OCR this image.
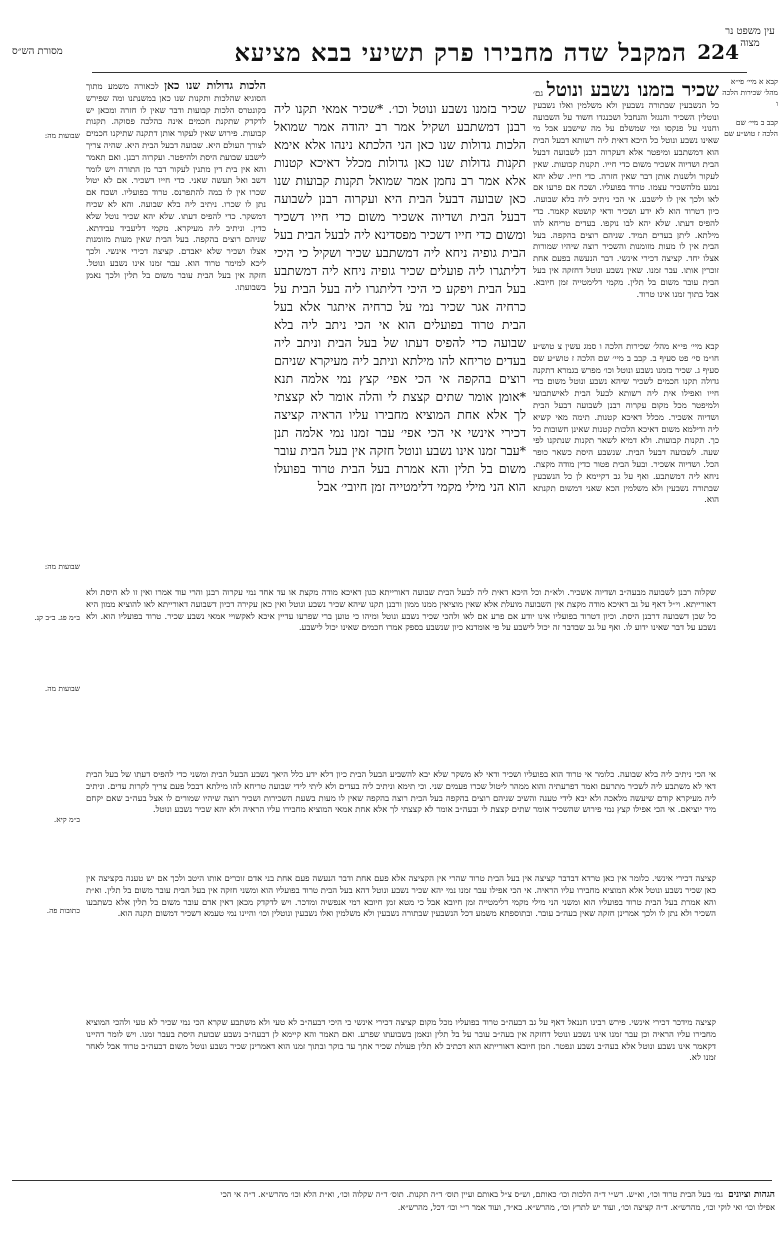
224
המקבל שדה מחבירו פרק תשיעי בבא מציעא
מסורת הש״ס
עין משפט נר מצוה
קבא א מיי׳ פי״א מהל׳ שכירות הלכה ו
קבב ב מיי׳ שם הלכה ז טוש״ע שם
שבועות מה:
שבועות מה:
ב״מ פג. ב״ב קנ.
שבועות מה.
ב״מ קיא.
כתובות פה.

שכיר בזמנו נשבע ונוטל גם׳ כל הנשבעין שבתורה נשבעין ולא משלמין ואלו נשבעין ונוטלין השכיר והנגזל והנחבל ושכנגדו חשוד על השבועה וחנוני על פנקסו ומי שמשלם על מה שישבע אבל מי שאינו נשבע ונוטל כל היכא דאית ליה רשותא דבעל הבית הוא דמשתבע ומיפטר אלא דעקרוה רבנן לשבועה דבעל הבית ושדיוה אשכיר משום כדי חייו. תקנות קבועות. שאין לעקור ולשנות אותן דבר שאין חזרה. כדי חייו. שלא יהא נמנע מלהשכיר עצמו. טרוד בפועליו. ושכח אם פרעו אם לאו ולכך אין לו לישבע. אי הכי ניתיב ליה בלא שבועה. כיון דטרוד הוא לא ידע ושכיר ודאי קושטא קאמר. כדי להפיס דעתו. שלא יהא לבו נוקפו. בעדים טריחא להו מילתא. ליתן בעדים תמיד. שניהם רוצים בהקפה. בעל הבית אין לו מעות מזומנות והשכיר רוצה שיהיו שמורות אצלו יחד. קציצה דכירי אינשי. דבר הנעשה בפעם אחת זוכרין אותו. עבר זמנו. שאין נשבע ונוטל דחזקה אין בעל הבית עובר משום בל תלין. מקמי דלימטייה זמן חיובא. אבל בתוך זמנו אינו טרוד.

הלכות גדולות שנו כאן לכאורה משמע מתוך הסוגיא שהלכות ותקנות שנו כאן במשנתנו ומה שפירש בקונטרס הלכות קבועות ודבר שאין לו חזרה ומכאן יש לדקדק שתקנת חכמים אינה כהלכה פסוקה. תקנות קבועות. פירוש שאין לעקור אותן דתקנה שתיקנו חכמים לצורך העולם היא. שבועה דבעל הבית היא. שהיה צריך לישבע שבועת היסת ולהיפטר. ועקרוה רבנן. ואם תאמר והא אין בית דין מתנין לעקור דבר מן התורה ויש לומר דשב ואל תעשה שאני. כדי חייו דשכיר. אם לא יטול שכרו אין לו במה להתפרנס. טרוד בפועליו. ושכח אם נתן לו שכרו. ניתיב ליה בלא שבועה. והא לא שכיח דמשקר. כדי להפיס דעתו. שלא יהא שכיר נוטל שלא כדין. וניתיב ליה מעיקרא. מקמי דליעביד עבידתא. שניהם רוצים בהקפה. בעל הבית שאין מעות מזומנות אצלו ושכיר שלא יאבדם. קציצה דכירי אינשי. ולכך ליכא למימר טרוד הוא. עבר זמנו אינו נשבע ונוטל. חזקה אין בעל הבית עובר משום בל תלין ולכך נאמן בשבועתו.

שכיר בזמנו נשבע ונוטל וכו׳. *שכיר אמאי תקנו ליה רבנן דמשתבע ושקיל אמר רב יהודה אמר שמואל הלכות גדולות שנו כאן הני הלכתא נינהו אלא אימא תקנות גדולות שנו כאן גדולות מכלל דאיכא קטנות אלא אמר רב נחמן אמר שמואל תקנות קבועות שנו כאן שבועה דבעל הבית היא ועקרוה רבנן לשבועה דבעל הבית ושדיוה אשכיר משום כדי חייו דשכיר ומשום כדי חייו דשכיר מפסדינא ליה לבעל הבית בעל הבית גופיה ניחא ליה דמשתבע שכיר ושקיל כי היכי דליתגרו ליה פועלים שכיר גופיה ניחא ליה דמשתבע בעל הבית ויפקע כי היכי דליתגרו ליה בעל הבית על כרחיה אגר שכיר נמי על כרחיה איתגר אלא בעל הבית טרוד בפועלים הוא אי הכי ניתב ליה בלא שבועה כדי להפיס דעתו של בעל הבית וניתב ליה בעדים טריחא להו מילתא וניתב ליה מעיקרא שניהם רוצים בהקפה אי הכי אפי׳ קצץ נמי אלמה תנא *אומן אומר שתים קצצת לי והלה אומר לא קצצתי לך אלא אחת המוציא מחבירו עליו הראיה קציצה דכירי אינשי אי הכי אפי׳ עבר זמנו נמי אלמה תנן *עבר זמנו אינו נשבע ונוטל חזקה אין בעל הבית עובר משום בל תלין והא אמרת בעל הבית טרוד בפועלו הוא הני מילי מקמי דלימטייה זמן חיובי׳ אבל

קבא מיי׳ פי״א מהל׳ שכירות הלכה ו סמג עשין צ טוש״ע חו״מ סי׳ פט סעיף ב. קבב ב מיי׳ שם הלכה ז טוש״ע שם סעיף ג. שכיר בזמנו נשבע ונוטל וכו׳ מפרש בגמרא דתקנה גדולה תקנו חכמים לשכיר שיהא נשבע ונוטל משום כדי חייו ואפילו אית ליה רשותא לבעל הבית לאישתבועי ולמיפטר מכל מקום עקרוה רבנן לשבועה דבעל הבית ושדיוה אשכיר. מכלל דאיכא קטנות. תימה מאי קשיא ליה ודילמא משום דאיכא הלכות קטנות שאינן חשובות כל כך. תקנות קבועות. ולא דמיא לשאר תקנות שנתקנו לפי שעה. לשבועה דבעל הבית. שנשבע היסת כשאר כופר הכל. ושדיוה אשכיר. ובעל הבית פטור כדין מודה מקצת. ניחא ליה דמשתבע. ואף על גב דקיימא לן כל הנשבעין שבתורה נשבעין ולא משלמין הכא שאני דמשום תקנתא הוא.

שקלוה רבנן לשבועה מבעה״ב ושדיוה אשכיר. ולא״ת וכל היכא דאית ליה לבעל הבית שבועה דאורייתא כגון דאיכא מודה מקצת או עד אחד נמי עקרוה רבנן והרי עוד אמרו ואין זו לא היסת ולא דאורייתא. וי״ל דאף על גב דאיכא מודה מקצת אין השבועה מועלת אלא שאין מוציאין ממנו ממון ורבנן תקנו שיהא שכיר נשבע ונוטל ואין כאן עקירה דכיון דשבועה דאורייתא לאו להוציא ממון היא כל שכן דשבועה דרבנן היסת. וכיון דטרוד בפועליו אינו יודע אם פרע אם לאו ולהכי שכיר נשבע ונוטל ומיהו כי טוען ברי שפרעו עדיין איכא לאקשויי אמאי נשבע שכיר. טרוד בפועליו הוא. ולא נשבע על דבר שאינו ידוע לו. ואף על גב שבדבר זה יכול לישבע על פי אומדנא כיון שנשבע בספק אמרו חכמים שאינו יכול לישבע.

אי הכי ניתיב ליה בלא שבועה. כלומר אי טרוד הוא בפועליו ושכיר ודאי לא משקר שלא יבא להשביע הבעל הבית כיון דלא ידע כלל היאך נשבע הבעל הבית ומשני כדי להפיס דעתו של בעל הבית דאי לא משתבע ליה לשכיר מתרעם ואמר דפרעתיה והוא ממהר ליטול שכרו פעמים שני. וכי תימא וניתיב ליה בעדים ולא ליתי לידי שבועה טריחא להו מילתא דבכל פעם צריך לקרות עדים. וניתיב ליה מעיקרא קודם שיעשה מלאכה ולא יבא לידי טענה והשיב שניהם רוצים בהקפה בעל הבית רוצה בהקפה שאין לו מעות בשעת השכירות ושכיר רוצה שיהיו שמורים לו אצל בעה״ב שאם יקחם מיד יוציאם. אי הכי אפילו קצץ נמי פירוש שהשכיר אומר שתים קצצת לי ובעה״ב אומר לא קצצתי לך אלא אחת אמאי המוציא מחבירו עליו הראיה ולא יהא שכיר נשבע ונוטל.

קציצה דכירי אינשי. כלומר אין כאן טרדא דבדבר קציצה אין בעל הבית טרוד שהרי אין הקציצה אלא פעם אחת ודבר הנעשה פעם אחת בני אדם זוכרים אותו היטב ולכך אם יש טענה בקציצה אין כאן שכיר נשבע ונוטל אלא המוציא מחבירו עליו הראיה. אי הכי אפילו עבר זמנו נמי יהא שכיר נשבע ונוטל דהא בעל הבית טרוד בפועליו הוא ומשני חזקה אין בעל הבית עובר משום בל תלין. וא״ת והא אמרת בעל הבית טרוד בפועליו הוא ומשני הני מילי מקמי דלימטייה זמן חיובא אבל כי מטא זמן חיובא רמי אנפשיה ומדכר. ויש לדקדק מכאן דאין אדם עובר משום בל תלין אלא כשתבעו השכיר ולא נתן לו ולכך אמרינן חזקה שאין בעה״ב עובר. ובתוספתא משמע דכל הנשבעין שבתורה נשבעין ולא משלמין ואלו נשבעין ונוטלין וכו׳ והיינו נמי טעמא דשכיר דמשום תקנה הוא.

קציצה מידכר דכירי אינשי. פירש רבינו חננאל דאף על גב דבעה״ב טרוד בפועליו מכל מקום קציצה דכירי אינשי כי היכי דבעה״ב לא טעי ולא משתבע שקרא הכי נמי שכיר לא טעי ולהכי המוציא מחבירו עליו הראיה וכן עבר זמנו אינו נשבע ונוטל דחזקה אין בעה״ב עובר על בל תלין ונאמן בשבועתו שפרע. ואם תאמר והא קיימא לן דבעה״ב נשבע שבועת היסת בעבר זמנו. ויש לומר דהיינו דקאמר אינו נשבע ונוטל אלא בעה״ב נשבע ונפטר. וזמן חיובא דאורייתא הוא דכתיב לא תלין פעולת שכיר אתך עד בוקר ובתוך זמנו הוא דאמרינן שכיר נשבע ונוטל משום דבעה״ב טרוד אבל לאחר זמנו לא.

הגהות וציונים  גמ׳ בעל הבית טרוד וכו׳, וא״ש. רש״י ד״ה הלכות וכו׳ כאותם, וש״ס צ״ל באותם ועיין תוס׳ ד״ה תקנות. תוס׳ ד״ה שקלוה וכו׳, וא״ת הלא וכו׳ מהרש״א. ד״ה אי הכי
אפילו וכו׳ ואי לוקי וכו׳, מהרש״א. ד״ה קציצה וכו׳, ועוד יש לתרץ וכו׳, מהרש״א. בא״ד, ועוד אמר ר״י וכו׳ דכל, מהרש״א.
